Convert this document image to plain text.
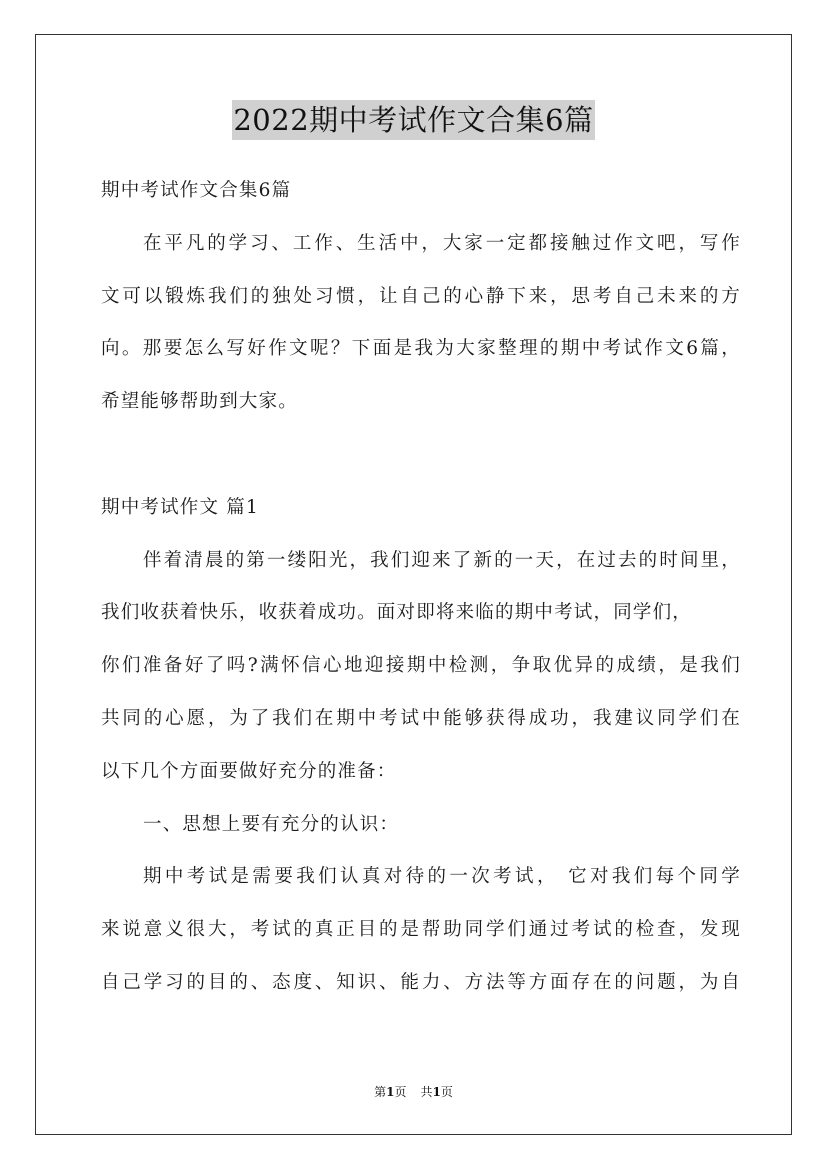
2022期中考试作文合集6篇
期中考试作文合集6篇
在平凡的学习、工作、生活中，大家一定都接触过作文吧，写作
文可以锻炼我们的独处习惯，让自己的心静下来，思考自己未来的方
向。那要怎么写好作文呢？下面是我为大家整理的期中考试作文6篇，
希望能够帮助到大家。
期中考试作文 篇1
伴着清晨的第一缕阳光，我们迎来了新的一天，在过去的时间里，
我们收获着快乐，收获着成功。面对即将来临的期中考试，同学们，
你们准备好了吗?满怀信心地迎接期中检测，争取优异的成绩，是我们
共同的心愿，为了我们在期中考试中能够获得成功，我建议同学们在
以下几个方面要做好充分的准备：
一、思想上要有充分的认识：
期中考试是需要我们认真对待的一次考试， 它对我们每个同学
来说意义很大，考试的真正目的是帮助同学们通过考试的检查，发现
自己学习的目的、态度、知识、能力、方法等方面存在的问题，为自
第1页 共1页
